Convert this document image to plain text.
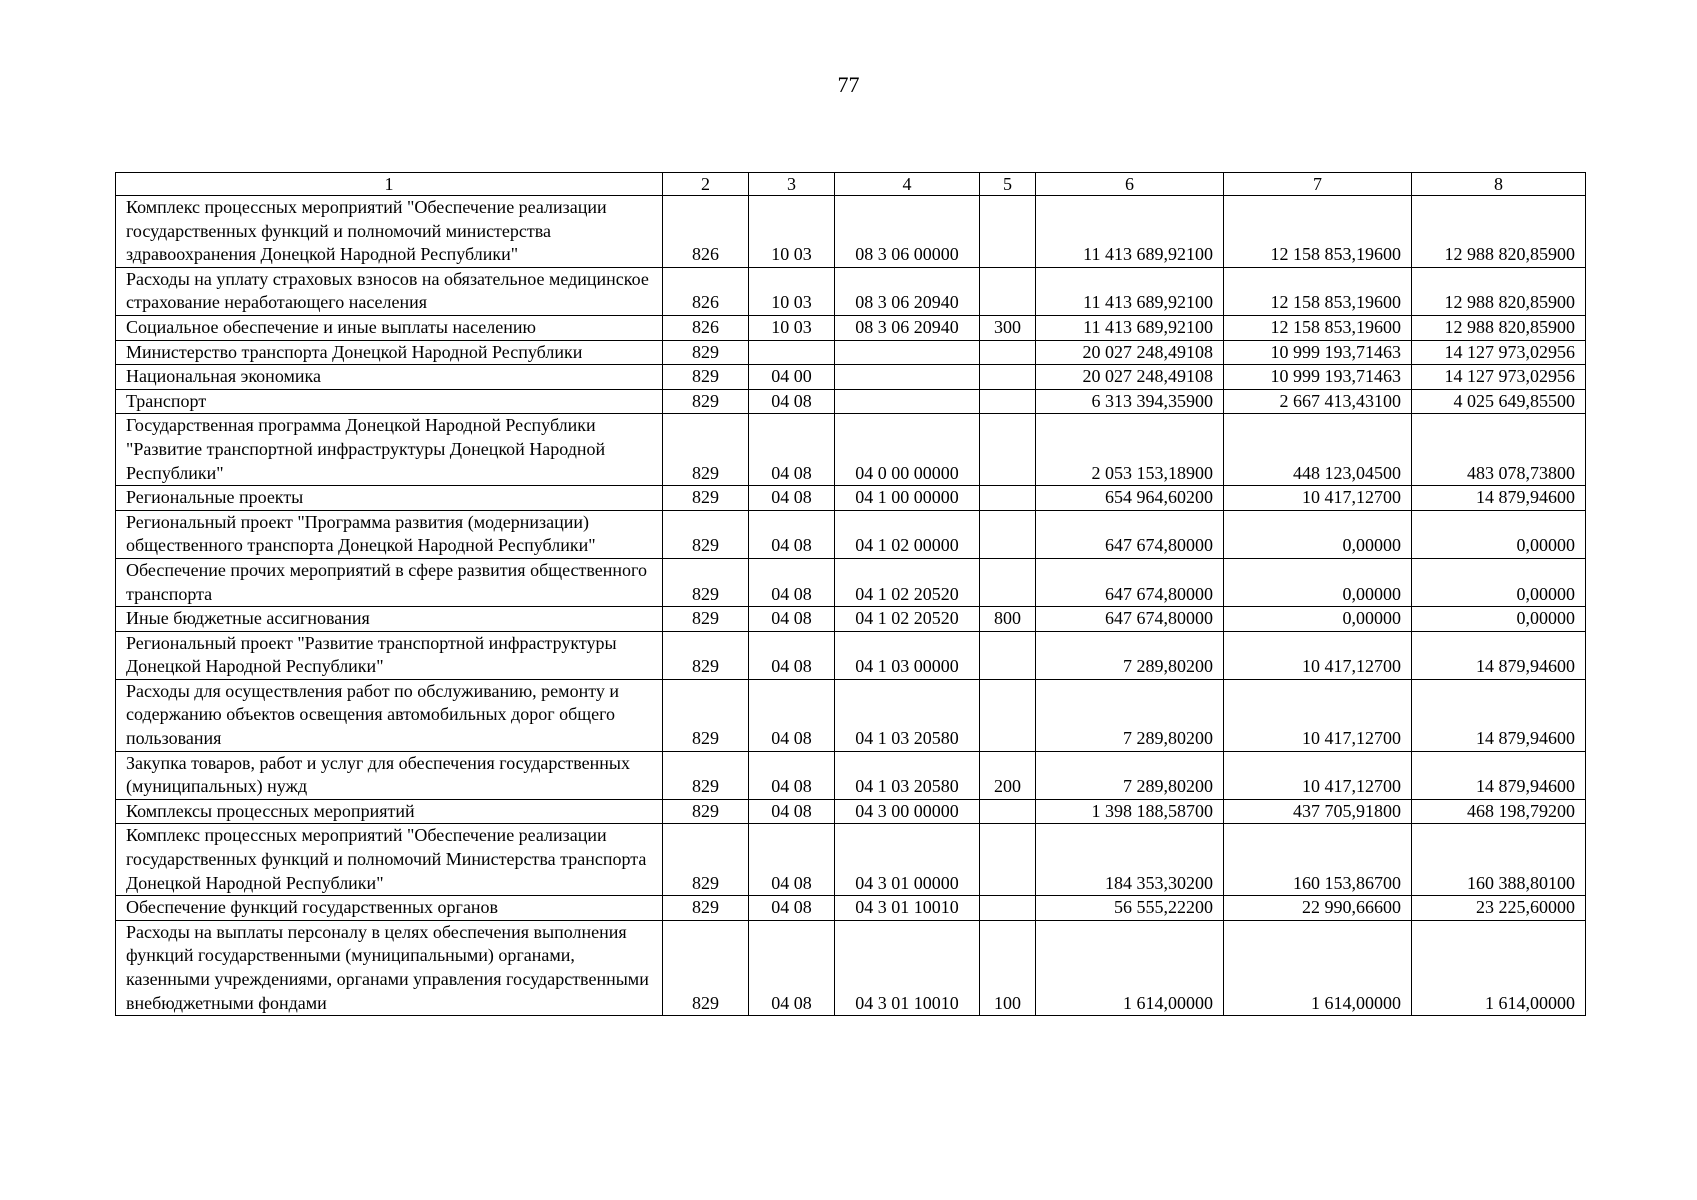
77
1	2	3	4	5	6	7	8
Комплекс процессных мероприятий "Обеспечение реализации государственных функций и полномочий министерства здравоохранения Донецкой Народной Республики"	826	10 03	08 3 06 00000		11 413 689,92100	12 158 853,19600	12 988 820,85900
Расходы на уплату страховых взносов на обязательное медицинское страхование неработающего населения	826	10 03	08 3 06 20940		11 413 689,92100	12 158 853,19600	12 988 820,85900
Социальное обеспечение и иные выплаты населению	826	10 03	08 3 06 20940	300	11 413 689,92100	12 158 853,19600	12 988 820,85900
Министерство транспорта Донецкой Народной Республики	829				20 027 248,49108	10 999 193,71463	14 127 973,02956
Национальная экономика	829	04 00			20 027 248,49108	10 999 193,71463	14 127 973,02956
Транспорт	829	04 08			6 313 394,35900	2 667 413,43100	4 025 649,85500
Государственная программа Донецкой Народной Республики "Развитие транспортной инфраструктуры Донецкой Народной Республики"	829	04 08	04 0 00 00000		2 053 153,18900	448 123,04500	483 078,73800
Региональные проекты	829	04 08	04 1 00 00000		654 964,60200	10 417,12700	14 879,94600
Региональный проект "Программа развития (модернизации) общественного транспорта Донецкой Народной Республики"	829	04 08	04 1 02 00000		647 674,80000	0,00000	0,00000
Обеспечение прочих мероприятий в сфере развития общественного транспорта	829	04 08	04 1 02 20520		647 674,80000	0,00000	0,00000
Иные бюджетные ассигнования	829	04 08	04 1 02 20520	800	647 674,80000	0,00000	0,00000
Региональный проект "Развитие транспортной инфраструктуры Донецкой Народной Республики"	829	04 08	04 1 03 00000		7 289,80200	10 417,12700	14 879,94600
Расходы для осуществления работ по обслуживанию, ремонту и содержанию объектов освещения автомобильных дорог общего пользования	829	04 08	04 1 03 20580		7 289,80200	10 417,12700	14 879,94600
Закупка товаров, работ и услуг для обеспечения государственных (муниципальных) нужд	829	04 08	04 1 03 20580	200	7 289,80200	10 417,12700	14 879,94600
Комплексы процессных мероприятий	829	04 08	04 3 00 00000		1 398 188,58700	437 705,91800	468 198,79200
Комплекс процессных мероприятий "Обеспечение реализации государственных функций и полномочий Министерства транспорта Донецкой Народной Республики"	829	04 08	04 3 01 00000		184 353,30200	160 153,86700	160 388,80100
Обеспечение функций государственных органов	829	04 08	04 3 01 10010		56 555,22200	22 990,66600	23 225,60000
Расходы на выплаты персоналу в целях обеспечения выполнения функций государственными (муниципальными) органами, казенными учреждениями, органами управления государственными внебюджетными фондами	829	04 08	04 3 01 10010	100	1 614,00000	1 614,00000	1 614,00000
